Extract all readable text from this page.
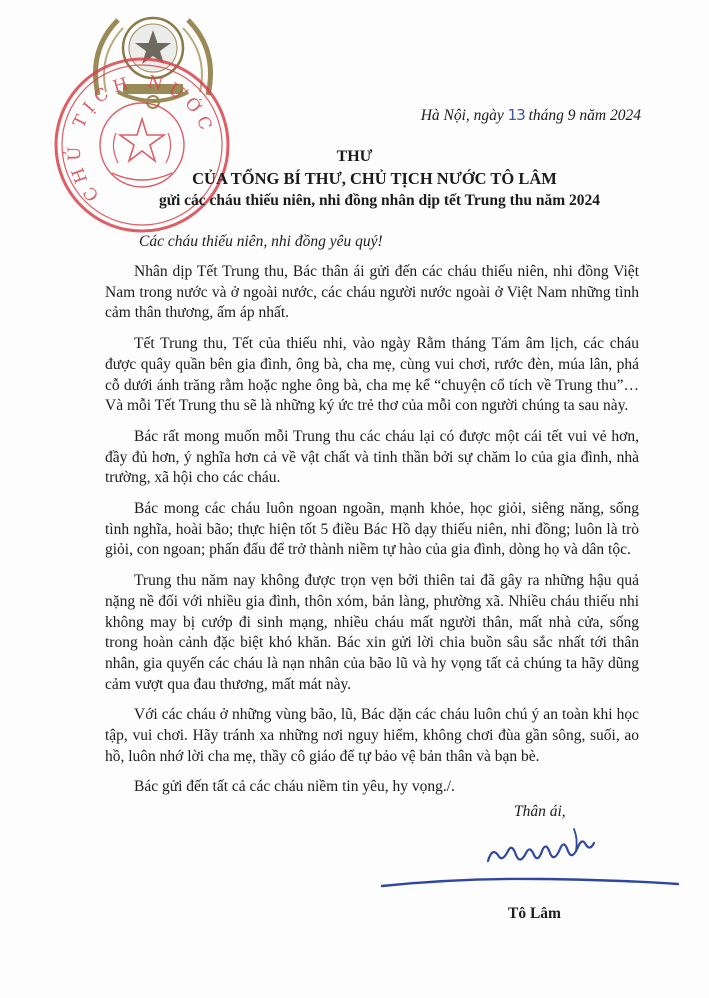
CHỦ TỊCH NƯỚC	Hà Nội, ngày 13 tháng 9 năm 2024
THƯ
CỦA TỔNG BÍ THƯ, CHỦ TỊCH NƯỚC TÔ LÂM
gửi các cháu thiếu niên, nhi đồng nhân dịp tết Trung thu năm 2024
Các cháu thiếu niên, nhi đồng yêu quý!

Nhân dịp Tết Trung thu, Bác thân ái gửi đến các cháu thiếu niên, nhi đồng Việt Nam trong nước và ở ngoài nước, các cháu người nước ngoài ở Việt Nam những tình cảm thân thương, ấm áp nhất.

Tết Trung thu, Tết của thiếu nhi, vào ngày Rằm tháng Tám âm lịch, các cháu được quây quần bên gia đình, ông bà, cha mẹ, cùng vui chơi, rước đèn, múa lân, phá cỗ dưới ánh trăng rằm hoặc nghe ông bà, cha mẹ kể “chuyện cổ tích về Trung thu”… Và mỗi Tết Trung thu sẽ là những ký ức trẻ thơ của mỗi con người chúng ta sau này.

Bác rất mong muốn mỗi Trung thu các cháu lại có được một cái tết vui vẻ hơn, đầy đủ hơn, ý nghĩa hơn cả về vật chất và tinh thần bởi sự chăm lo của gia đình, nhà trường, xã hội cho các cháu.

Bác mong các cháu luôn ngoan ngoãn, mạnh khỏe, học giỏi, siêng năng, sống tình nghĩa, hoài bão; thực hiện tốt 5 điều Bác Hồ dạy thiếu niên, nhi đồng; luôn là trò giỏi, con ngoan; phấn đấu để trở thành niềm tự hào của gia đình, dòng họ và dân tộc.

Trung thu năm nay không được trọn vẹn bởi thiên tai đã gây ra những hậu quả nặng nề đối với nhiều gia đình, thôn xóm, bản làng, phường xã. Nhiều cháu thiếu nhi không may bị cướp đi sinh mạng, nhiều cháu mất người thân, mất nhà cửa, sống trong hoàn cảnh đặc biệt khó khăn. Bác xin gửi lời chia buồn sâu sắc nhất tới thân nhân, gia quyến các cháu là nạn nhân của bão lũ và hy vọng tất cả chúng ta hãy dũng cảm vượt qua đau thương, mất mát này.

Với các cháu ở những vùng bão, lũ, Bác dặn các cháu luôn chú ý an toàn khi học tập, vui chơi. Hãy tránh xa những nơi nguy hiểm, không chơi đùa gần sông, suối, ao hồ, luôn nhớ lời cha mẹ, thầy cô giáo để tự bảo vệ bản thân và bạn bè.

Bác gửi đến tất cả các cháu niềm tin yêu, hy vọng./.

Thân ái,
Tô Lâm
